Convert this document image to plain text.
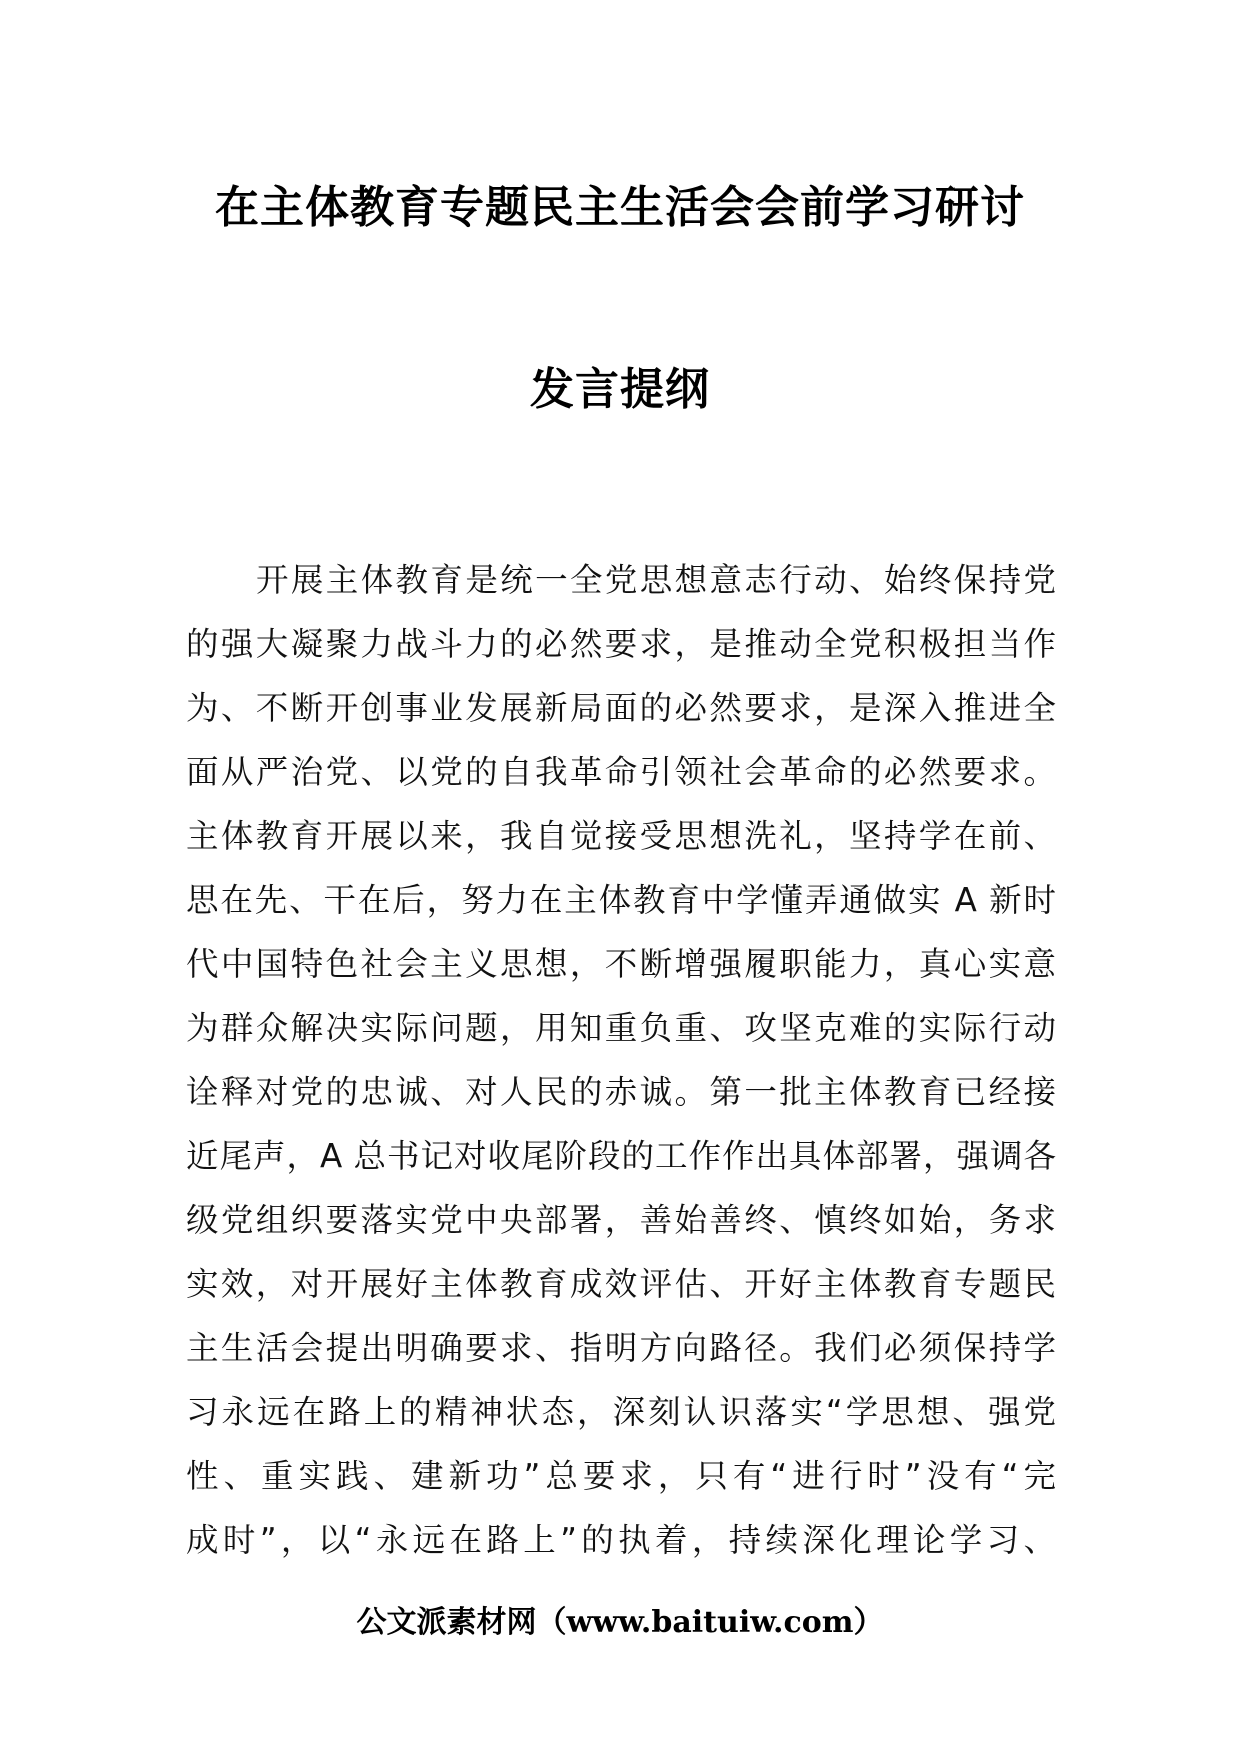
在主体教育专题民主生活会会前学习研讨
发言提纲
开展主体教育是统一全党思想意志行动、始终保持党
的强大凝聚力战斗力的必然要求，是推动全党积极担当作
为、不断开创事业发展新局面的必然要求，是深入推进全
面从严治党、以党的自我革命引领社会革命的必然要求。
主体教育开展以来，我自觉接受思想洗礼，坚持学在前、
思在先、干在后，努力在主体教育中学懂弄通做实 A 新时
代中国特色社会主义思想，不断增强履职能力，真心实意
为群众解决实际问题，用知重负重、攻坚克难的实际行动
诠释对党的忠诚、对人民的赤诚。第一批主体教育已经接
近尾声，A 总书记对收尾阶段的工作作出具体部署，强调各
级党组织要落实党中央部署，善始善终、慎终如始，务求
实效，对开展好主体教育成效评估、开好主体教育专题民
主生活会提出明确要求、指明方向路径。我们必须保持学
习永远在路上的精神状态，深刻认识落实“学思想、强党
性、重实践、建新功”总要求，只有“进行时”没有“完
成时”，以“永远在路上”的执着，持续深化理论学习、
公文派素材网（www.baituiw.com）
